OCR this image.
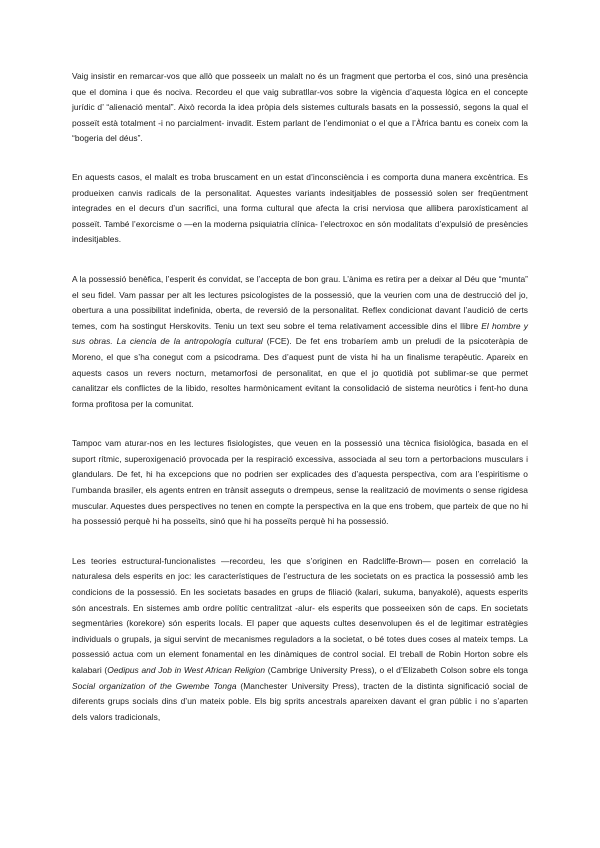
Vaig insistir en remarcar-vos que allò que posseeix un malalt no és un fragment que pertorba el cos, sinó una presència que el domina i que és nociva. Recordeu el que vaig subratllar-vos sobre la vigència d’aquesta lògica en el concepte jurídic d’ “alienació mental”. Això recorda la idea pròpia dels sistemes culturals basats en la possessió, segons la qual el posseït està totalment -i no parcialment- invadit. Estem parlant de l’endimoniat o el que a l’Àfrica bantu es coneix com la “bogeria del déus”.

En aquests casos, el malalt es troba bruscament en un estat d’inconsciència i es comporta duna manera excèntrica. Es produeixen canvis radicals de la personalitat. Aquestes variants indesitjables de possessió solen ser freqüentment integrades en el decurs d’un sacrifici, una forma cultural que afecta la crisi nerviosa que allibera paroxísticament al posseït. També l’exorcisme o —en la moderna psiquiatria clínica- l’electroxoc en són modalitats d’expulsió de presències indesitjables.

A la possessió benèfica, l’esperit és convidat, se l’accepta de bon grau. L’ànima es retira per a deixar al Déu que “munta” el seu fidel. Vam passar per alt les lectures psicologistes de la possessió, que la veurien com una de destrucció del jo, obertura a una possibilitat indefinida, oberta, de reversió de la personalitat. Reflex condicionat davant l’audició de certs temes, com ha sostingut Herskovits. Teniu un text seu sobre el tema relativament accessible dins el llibre El hombre y sus obras. La ciencia de la antropología cultural (FCE). De fet ens trobaríem amb un preludi de la psicoteràpia de Moreno, el que s’ha conegut com a psicodrama. Des d’aquest punt de vista hi ha un finalisme terapèutic. Apareix en aquests casos un revers nocturn, metamorfosi de personalitat, en que el jo quotidià pot sublimar-se que permet canalitzar els conflictes de la libido, resoltes harmònicament evitant la consolidació de sistema neuròtics i fent-ho duna forma profitosa per la comunitat.

Tampoc vam aturar-nos en les lectures fisiologistes, que veuen en la possessió una tècnica fisiològica, basada en el suport rítmic, superoxigenació provocada per la respiració excessiva, associada al seu torn a pertorbacions musculars i glandulars. De fet, hi ha excepcions que no podrien ser explicades des d’aquesta perspectiva, com ara l’espiritisme o l’umbanda brasiler, els agents entren en trànsit asseguts o drempeus, sense la realització de moviments o sense rigidesa muscular. Aquestes dues perspectives no tenen en compte la perspectiva en la que ens trobem, que parteix de que no hi ha possessió perquè hi ha posseïts, sinó que hi ha posseïts perquè hi ha possessió.

Les teories estructural-funcionalistes —recordeu, les que s’originen en Radcliffe-Brown— posen en correlació la naturalesa dels esperits en joc: les característiques de l’estructura de les societats on es practica la possessió amb les condicions de la possessió. En les societats basades en grups de filiació (kalari, sukuma, banyakolé), aquests esperits són ancestrals. En sistemes amb ordre polític centralitzat -alur- els esperits que posseeixen són de caps. En societats segmentàries (korekore) són esperits locals. El paper que aquests cultes desenvolupen és el de legitimar estratègies individuals o grupals, ja sigui servint de mecanismes reguladors a la societat, o bé totes dues coses al mateix temps. La possessió actua com un element fonamental en les dinàmiques de control social. El treball de Robin Horton sobre els kalabari (Oedipus and Job in West African Religion (Cambrige University Press), o el d’Elizabeth Colson sobre els tonga Social organization of the Gwembe Tonga (Manchester University Press), tracten de la distinta significació social de diferents grups socials dins d’un mateix poble. Els big sprits ancestrals apareixen davant el gran públic i no s’aparten dels valors tradicionals,
